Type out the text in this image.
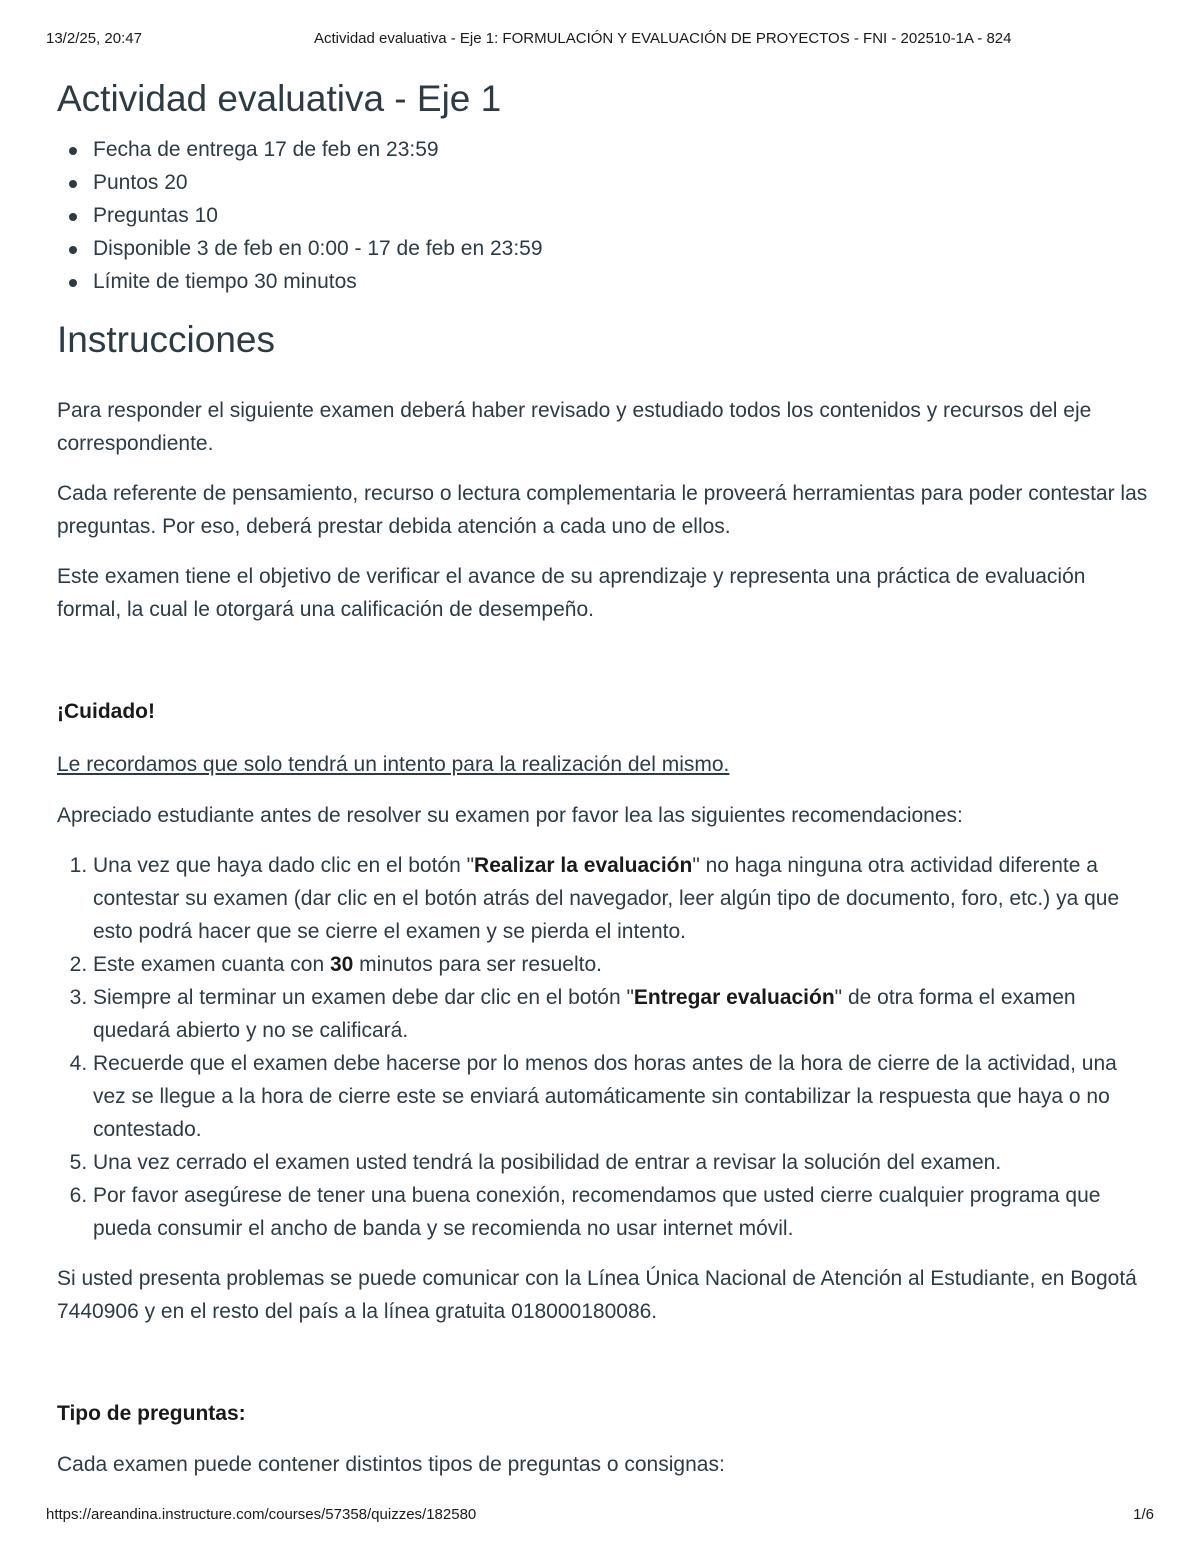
13/2/25, 20:47	Actividad evaluativa - Eje 1: FORMULACIÓN Y EVALUACIÓN DE PROYECTOS - FNI - 202510-1A - 824
Actividad evaluativa - Eje 1
Fecha de entrega 17 de feb en 23:59
Puntos 20
Preguntas 10
Disponible 3 de feb en 0:00 - 17 de feb en 23:59
Límite de tiempo 30 minutos
Instrucciones

Para responder el siguiente examen deberá haber revisado y estudiado todos los contenidos y recursos del eje correspondiente.

Cada referente de pensamiento, recurso o lectura complementaria le proveerá herramientas para poder contestar las preguntas. Por eso, deberá prestar debida atención a cada uno de ellos.

Este examen tiene el objetivo de verificar el avance de su aprendizaje y representa una práctica de evaluación formal, la cual le otorgará una calificación de desempeño.

¡Cuidado!

Le recordamos que solo tendrá un intento para la realización del mismo.

Apreciado estudiante antes de resolver su examen por favor lea las siguientes recomendaciones:

1. Una vez que haya dado clic en el botón "Realizar la evaluación" no haga ninguna otra actividad diferente a contestar su examen (dar clic en el botón atrás del navegador, leer algún tipo de documento, foro, etc.) ya que esto podrá hacer que se cierre el examen y se pierda el intento.
2. Este examen cuanta con 30 minutos para ser resuelto.
3. Siempre al terminar un examen debe dar clic en el botón "Entregar evaluación" de otra forma el examen quedará abierto y no se calificará.
4. Recuerde que el examen debe hacerse por lo menos dos horas antes de la hora de cierre de la actividad, una vez se llegue a la hora de cierre este se enviará automáticamente sin contabilizar la respuesta que haya o no contestado.
5. Una vez cerrado el examen usted tendrá la posibilidad de entrar a revisar la solución del examen.
6. Por favor asegúrese de tener una buena conexión, recomendamos que usted cierre cualquier programa que pueda consumir el ancho de banda y se recomienda no usar internet móvil.

Si usted presenta problemas se puede comunicar con la Línea Única Nacional de Atención al Estudiante, en Bogotá 7440906 y en el resto del país a la línea gratuita 018000180086.

Tipo de preguntas:

Cada examen puede contener distintos tipos de preguntas o consignas:

https://areandina.instructure.com/courses/57358/quizzes/182580	1/6
